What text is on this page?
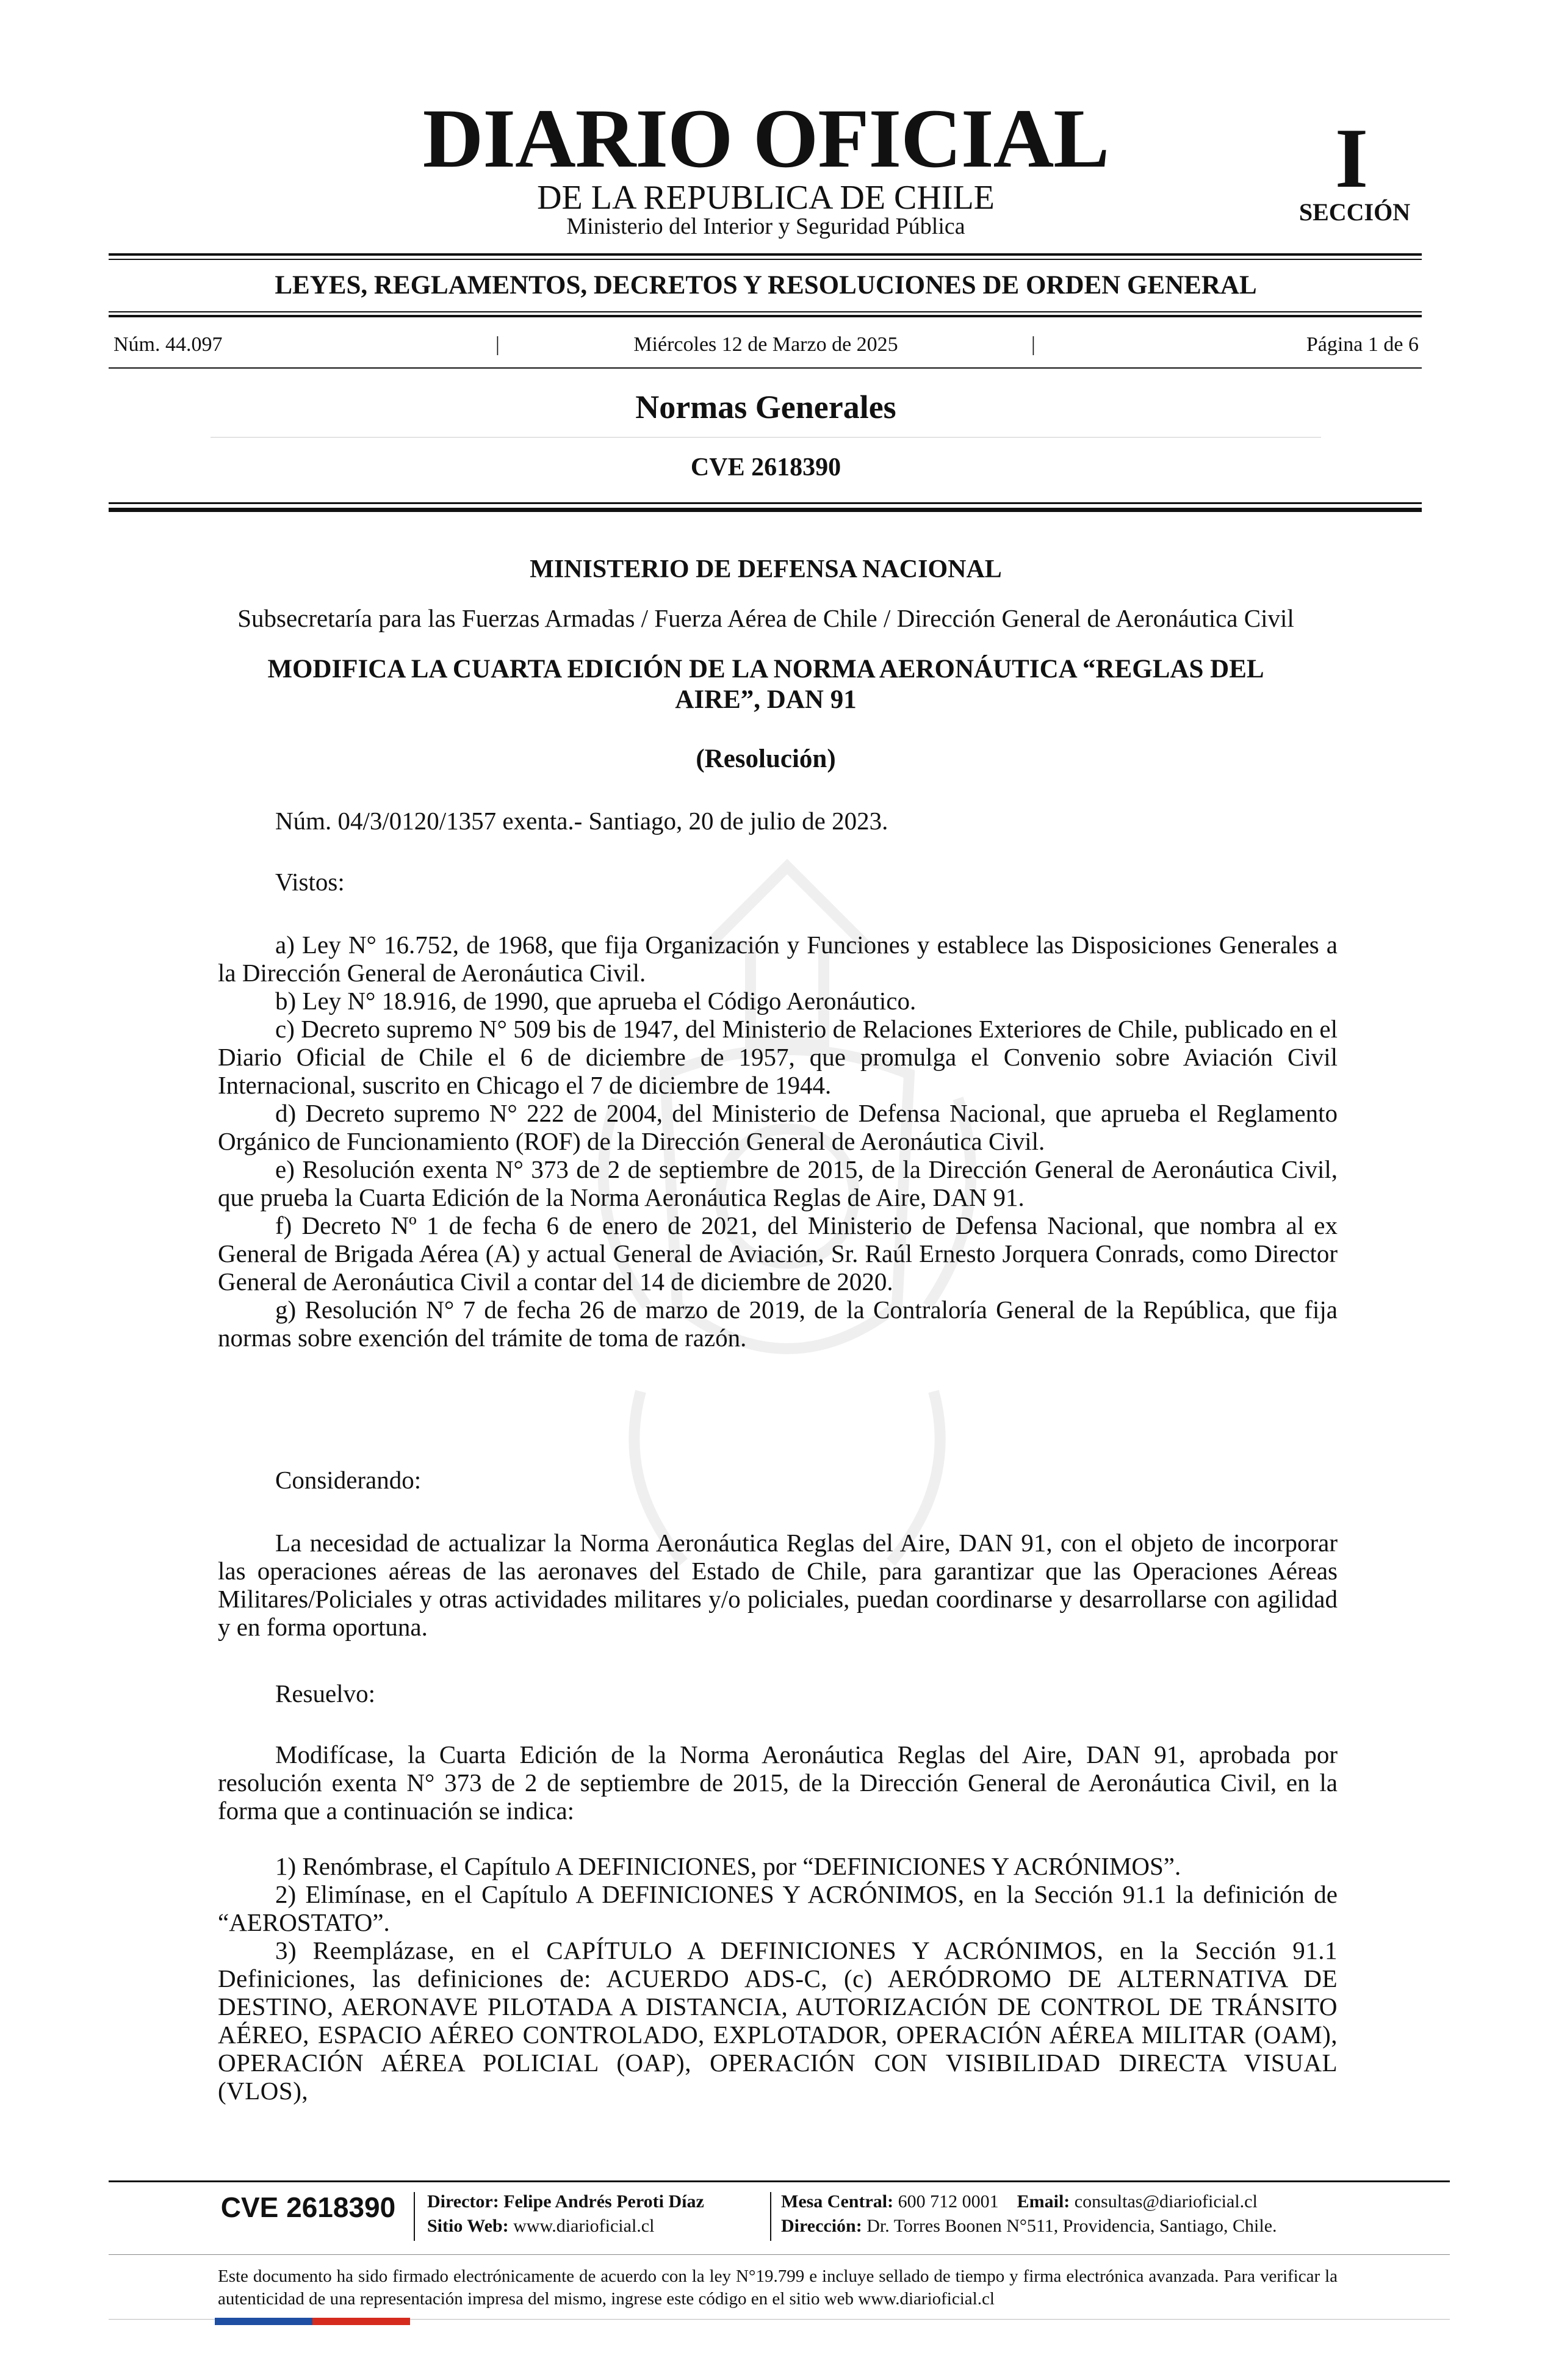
DIARIO OFICIAL
DE LA REPUBLICA DE CHILE
Ministerio del Interior y Seguridad Pública
I
SECCIÓN
LEYES, REGLAMENTOS, DECRETOS Y RESOLUCIONES DE ORDEN GENERAL
Núm. 44.097	|	Miércoles 12 de Marzo de 2025	|	Página 1 de 6
Normas Generales
CVE 2618390
MINISTERIO DE DEFENSA NACIONAL
Subsecretaría para las Fuerzas Armadas / Fuerza Aérea de Chile / Dirección General de Aeronáutica Civil
MODIFICA LA CUARTA EDICIÓN DE LA NORMA AERONÁUTICA “REGLAS DEL
AIRE”, DAN 91
(Resolución)
Núm. 04/3/0120/1357 exenta.- Santiago, 20 de julio de 2023.
Vistos:

a) Ley N° 16.752, de 1968, que fija Organización y Funciones y establece las Disposiciones Generales a la Dirección General de Aeronáutica Civil.

b) Ley N° 18.916, de 1990, que aprueba el Código Aeronáutico.

c) Decreto supremo N° 509 bis de 1947, del Ministerio de Relaciones Exteriores de Chile, publicado en el Diario Oficial de Chile el 6 de diciembre de 1957, que promulga el Convenio sobre Aviación Civil Internacional, suscrito en Chicago el 7 de diciembre de 1944.

d) Decreto supremo N° 222 de 2004, del Ministerio de Defensa Nacional, que aprueba el Reglamento Orgánico de Funcionamiento (ROF) de la Dirección General de Aeronáutica Civil.

e) Resolución exenta N° 373 de 2 de septiembre de 2015, de la Dirección General de Aeronáutica Civil, que prueba la Cuarta Edición de la Norma Aeronáutica Reglas de Aire, DAN 91.

f) Decreto Nº 1 de fecha 6 de enero de 2021, del Ministerio de Defensa Nacional, que nombra al ex General de Brigada Aérea (A) y actual General de Aviación, Sr. Raúl Ernesto Jorquera Conrads, como Director General de Aeronáutica Civil a contar del 14 de diciembre de 2020.

g) Resolución N° 7 de fecha 26 de marzo de 2019, de la Contraloría General de la República, que fija normas sobre exención del trámite de toma de razón.

Considerando:

La necesidad de actualizar la Norma Aeronáutica Reglas del Aire, DAN 91, con el objeto de incorporar las operaciones aéreas de las aeronaves del Estado de Chile, para garantizar que las Operaciones Aéreas Militares/Policiales y otras actividades militares y/o policiales, puedan coordinarse y desarrollarse con agilidad y en forma oportuna.

Resuelvo:

Modifícase, la Cuarta Edición de la Norma Aeronáutica Reglas del Aire, DAN 91, aprobada por resolución exenta N° 373 de 2 de septiembre de 2015, de la Dirección General de Aeronáutica Civil, en la forma que a continuación se indica:

1) Renómbrase, el Capítulo A DEFINICIONES, por “DEFINICIONES Y ACRÓNIMOS”.

2) Elimínase, en el Capítulo A DEFINICIONES Y ACRÓNIMOS, en la Sección 91.1 la definición de “AEROSTATO”.

3) Reemplázase, en el CAPÍTULO A DEFINICIONES Y ACRÓNIMOS, en la Sección 91.1 Definiciones, las definiciones de: ACUERDO ADS-C, (c) AERÓDROMO DE ALTERNATIVA DE DESTINO, AERONAVE PILOTADA A DISTANCIA, AUTORIZACIÓN DE CONTROL DE TRÁNSITO AÉREO, ESPACIO AÉREO CONTROLADO, EXPLOTADOR, OPERACIÓN AÉREA MILITAR (OAM), OPERACIÓN AÉREA POLICIAL (OAP), OPERACIÓN CON VISIBILIDAD DIRECTA VISUAL (VLOS),

CVE 2618390	Director: Felipe Andrés Peroti Díaz
Sitio Web: www.diarioficial.cl
Mesa Central: 600 712 0001 Email: consultas@diarioficial.cl
Dirección: Dr. Torres Boonen N°511, Providencia, Santiago, Chile.
Este documento ha sido firmado electrónicamente de acuerdo con la ley N°19.799 e incluye sellado de tiempo y firma electrónica avanzada. Para verificar la autenticidad de una representación impresa del mismo, ingrese este código en el sitio web www.diarioficial.cl
